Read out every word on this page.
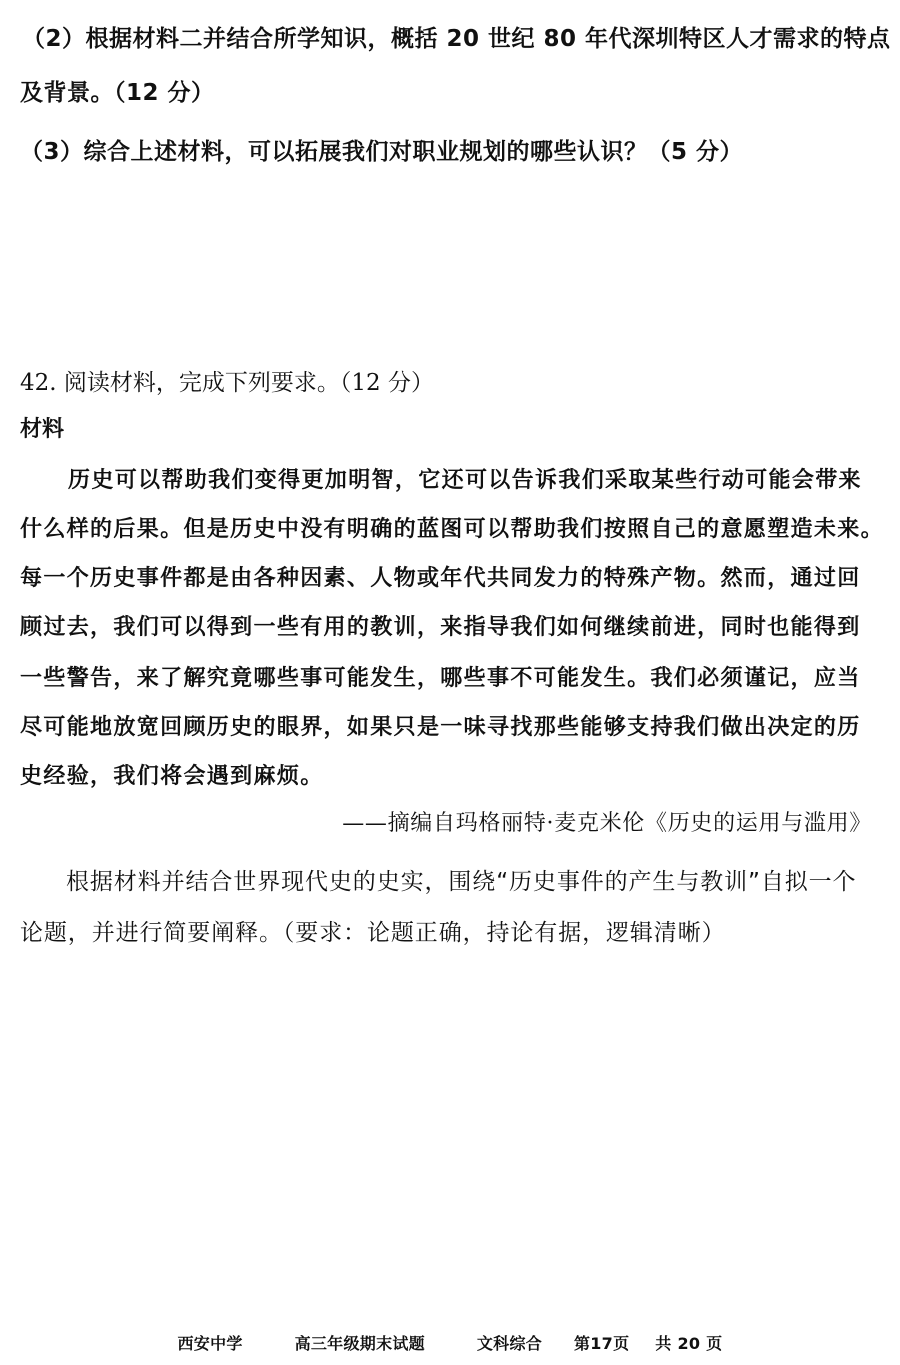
（2）根据材料二并结合所学知识，概括 20 世纪 80 年代深圳特区人才需求的特点
及背景。（12 分）
（3）综合上述材料，可以拓展我们对职业规划的哪些认识？（5 分）
42. 阅读材料，完成下列要求。（12 分）
材料
历史可以帮助我们变得更加明智，它还可以告诉我们采取某些行动可能会带来
什么样的后果。但是历史中没有明确的蓝图可以帮助我们按照自己的意愿塑造未来。
每一个历史事件都是由各种因素、人物或年代共同发力的特殊产物。然而，通过回
顾过去，我们可以得到一些有用的教训，来指导我们如何继续前进，同时也能得到
一些警告，来了解究竟哪些事可能发生，哪些事不可能发生。我们必须谨记，应当
尽可能地放宽回顾历史的眼界，如果只是一味寻找那些能够支持我们做出决定的历
史经验，我们将会遇到麻烦。
——摘编自玛格丽特·麦克米伦《历史的运用与滥用》
根据材料并结合世界现代史的史实，围绕“历史事件的产生与教训”自拟一个
论题，并进行简要阐释。（要求：论题正确，持论有据，逻辑清晰）
西安中学	高三年级期末试题	文科综合 第17页 共 20 页
